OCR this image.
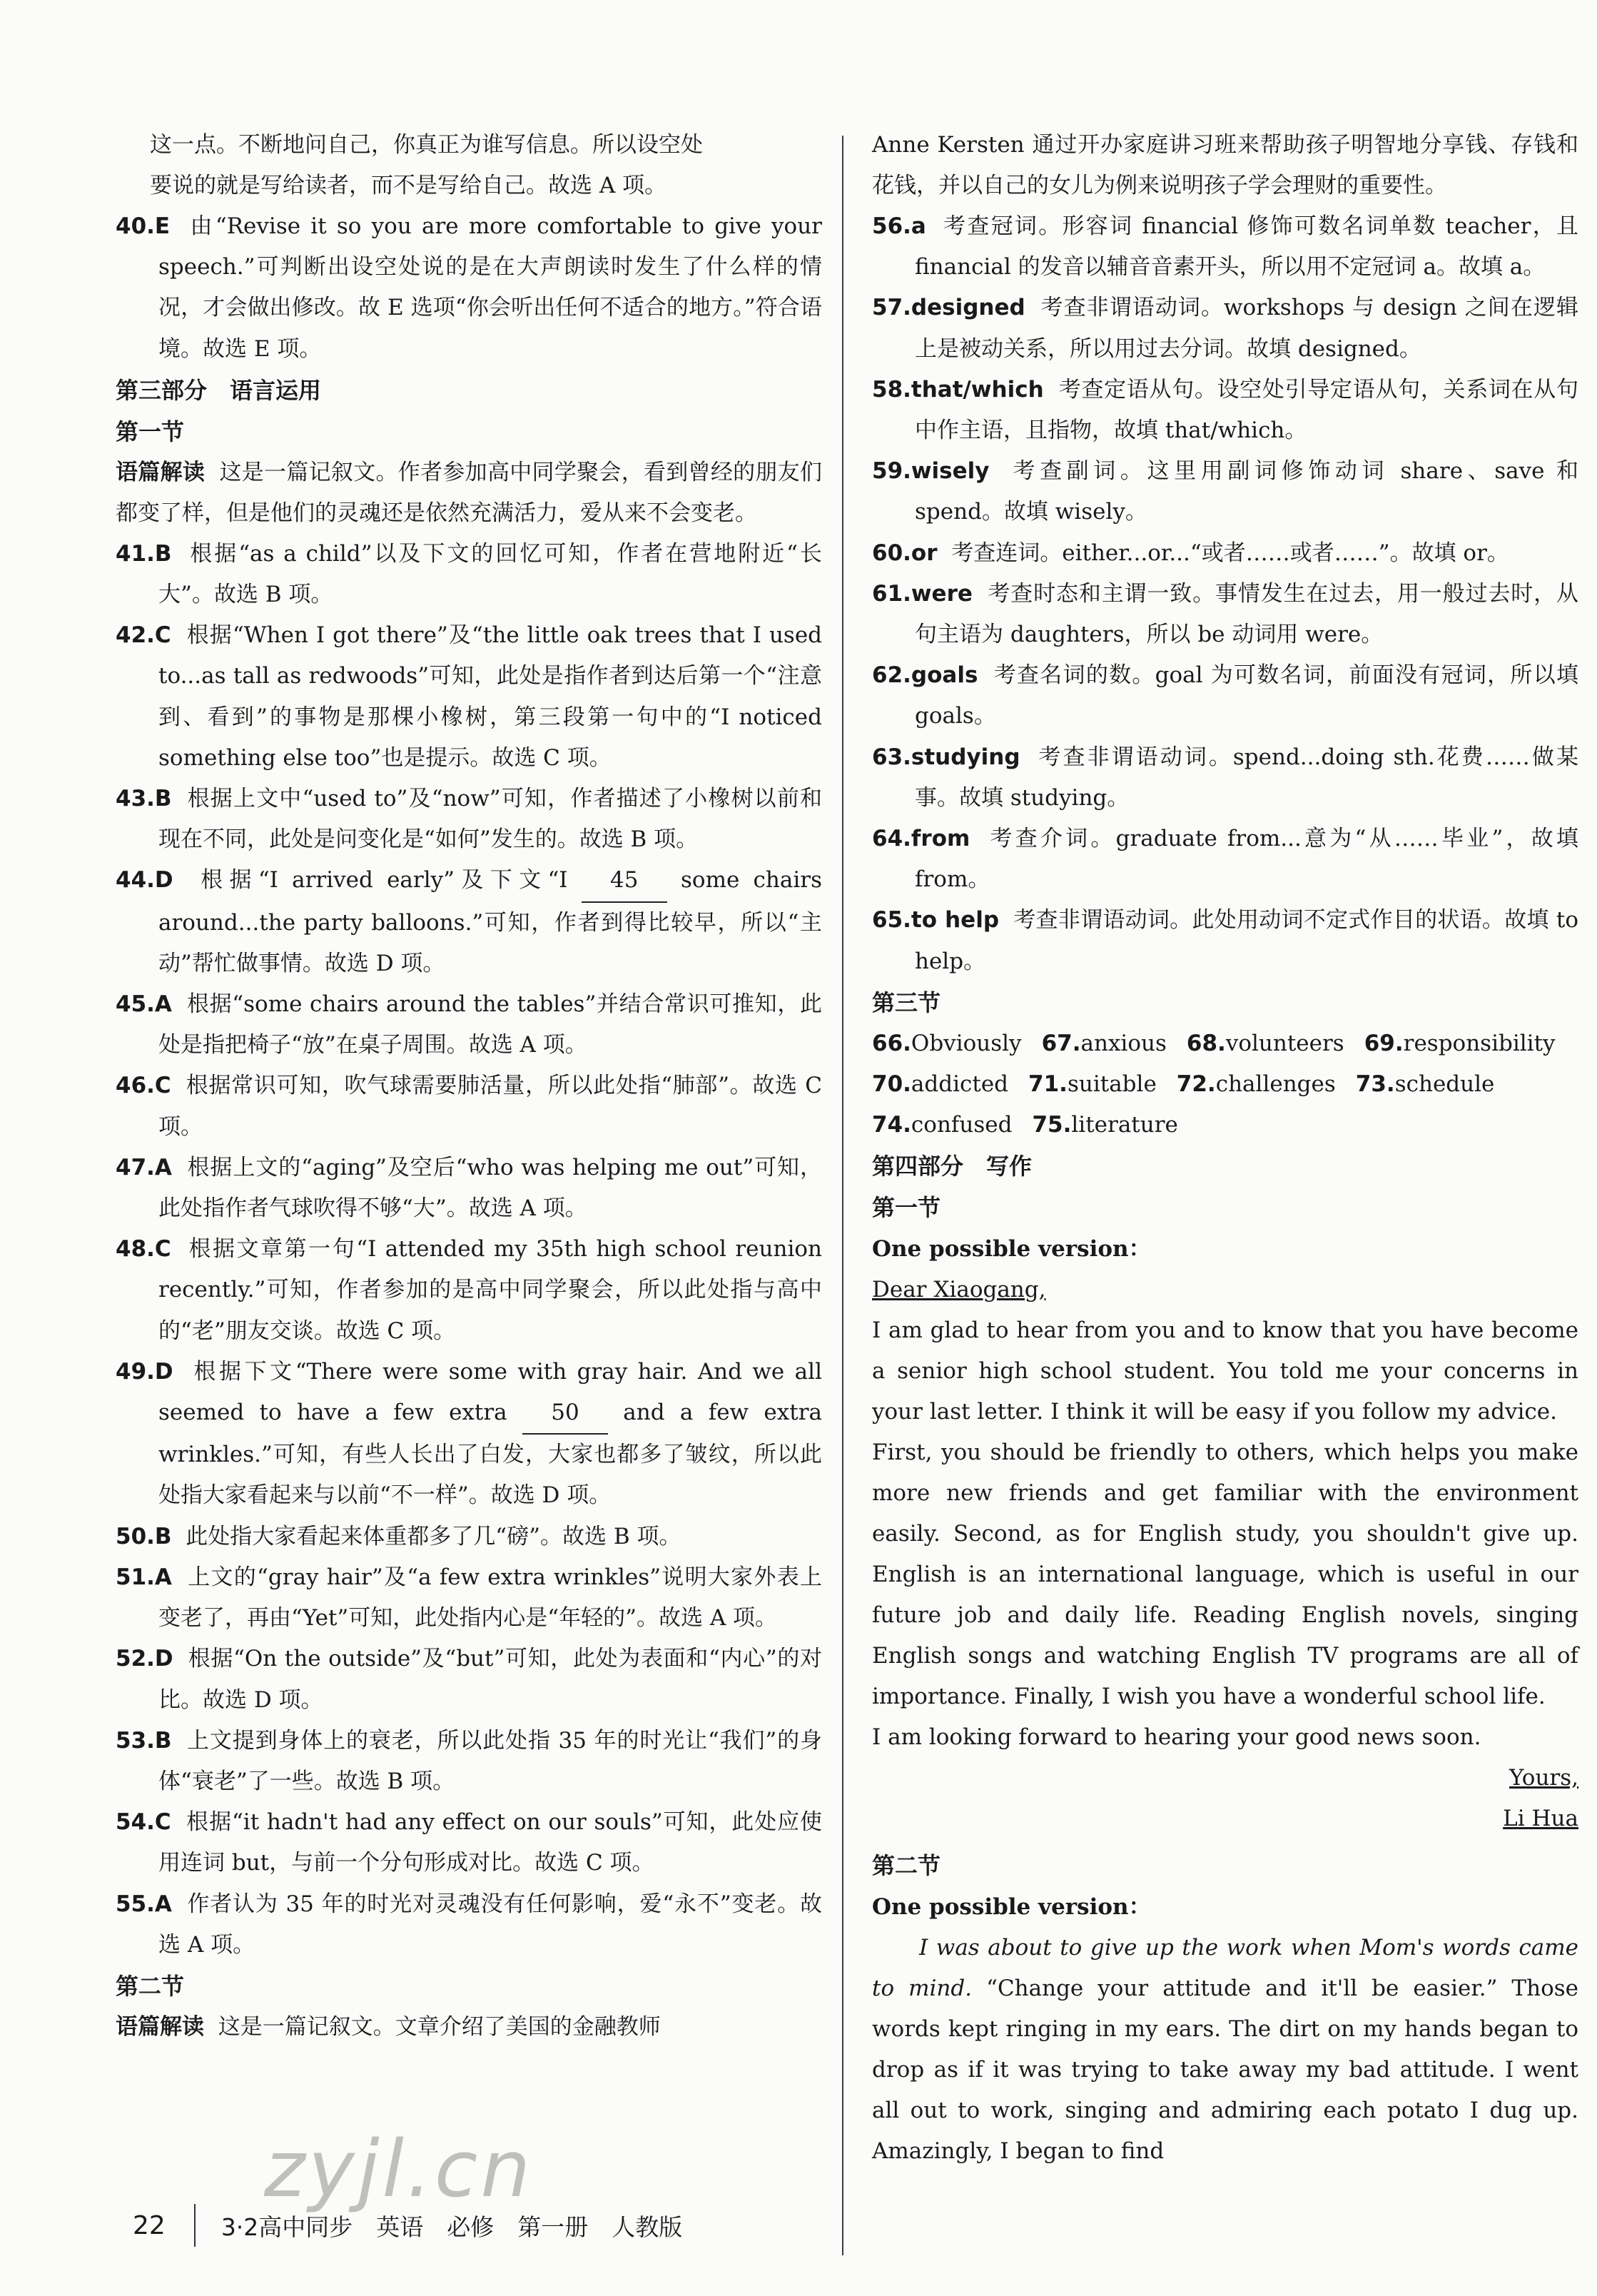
这一点。不断地问自己，你真正为谁写信息。所以设空处

要说的就是写给读者，而不是写给自己。故选 A 项。

40.E 由“Revise it so you are more comfortable to give your speech.”可判断出设空处说的是在大声朗读时发生了什么样的情况，才会做出修改。故 E 选项“你会听出任何不适合的地方。”符合语境。故选 E 项。

第三部分　语言运用

第一节

语篇解读 这是一篇记叙文。作者参加高中同学聚会，看到曾经的朋友们都变了样，但是他们的灵魂还是依然充满活力，爱从来不会变老。

41.B 根据“as a child”以及下文的回忆可知，作者在营地附近“长大”。故选 B 项。

42.C 根据“When I got there”及“the little oak trees that I used to...as tall as redwoods”可知，此处是指作者到达后第一个“注意到、看到”的事物是那棵小橡树，第三段第一句中的“I noticed something else too”也是提示。故选 C 项。

43.B 根据上文中“used to”及“now”可知，作者描述了小橡树以前和现在不同，此处是问变化是“如何”发生的。故选 B 项。

44.D 根据“I arrived early”及下文“I 45 some chairs around...the party balloons.”可知，作者到得比较早，所以“主动”帮忙做事情。故选 D 项。

45.A 根据“some chairs around the tables”并结合常识可推知，此处是指把椅子“放”在桌子周围。故选 A 项。

46.C 根据常识可知，吹气球需要肺活量，所以此处指“肺部”。故选 C 项。

47.A 根据上文的“aging”及空后“who was helping me out”可知，此处指作者气球吹得不够“大”。故选 A 项。

48.C 根据文章第一句“I attended my 35th high school reunion recently.”可知，作者参加的是高中同学聚会，所以此处指与高中的“老”朋友交谈。故选 C 项。

49.D 根据下文“There were some with gray hair. And we all seemed to have a few extra 50 and a few extra wrinkles.”可知，有些人长出了白发，大家也都多了皱纹，所以此处指大家看起来与以前“不一样”。故选 D 项。

50.B 此处指大家看起来体重都多了几“磅”。故选 B 项。

51.A 上文的“gray hair”及“a few extra wrinkles”说明大家外表上变老了，再由“Yet”可知，此处指内心是“年轻的”。故选 A 项。

52.D 根据“On the outside”及“but”可知，此处为表面和“内心”的对比。故选 D 项。

53.B 上文提到身体上的衰老，所以此处指 35 年的时光让“我们”的身体“衰老”了一些。故选 B 项。

54.C 根据“it hadn't had any effect on our souls”可知，此处应使用连词 but，与前一个分句形成对比。故选 C 项。

55.A 作者认为 35 年的时光对灵魂没有任何影响，爱“永不”变老。故选 A 项。

第二节

语篇解读 这是一篇记叙文。文章介绍了美国的金融教师

Anne Kersten 通过开办家庭讲习班来帮助孩子明智地分享钱、存钱和花钱，并以自己的女儿为例来说明孩子学会理财的重要性。

56.a 考查冠词。形容词 financial 修饰可数名词单数 teacher，且 financial 的发音以辅音音素开头，所以用不定冠词 a。故填 a。

57.designed 考查非谓语动词。workshops 与 design 之间在逻辑上是被动关系，所以用过去分词。故填 designed。

58.that/which 考查定语从句。设空处引导定语从句，关系词在从句中作主语，且指物，故填 that/which。

59.wisely 考查副词。这里用副词修饰动词 share、save 和 spend。故填 wisely。

60.or 考查连词。either...or...“或者……或者……”。故填 or。

61.were 考查时态和主谓一致。事情发生在过去，用一般过去时，从句主语为 daughters，所以 be 动词用 were。

62.goals 考查名词的数。goal 为可数名词，前面没有冠词，所以填 goals。

63.studying 考查非谓语动词。spend...doing sth.花费……做某事。故填 studying。

64.from 考查介词。graduate from...意为“从……毕业”，故填 from。

65.to help 考查非谓语动词。此处用动词不定式作目的状语。故填 to help。

第三节

66.Obviously 67.anxious 68.volunteers 69.responsibility
70.addicted 71.suitable 72.challenges 73.schedule
74.confused 75.literature

第四部分　写作

第一节

One possible version：

Dear Xiaogang,

I am glad to hear from you and to know that you have become a senior high school student. You told me your concerns in your last letter. I think it will be easy if you follow my advice.

First, you should be friendly to others, which helps you make more new friends and get familiar with the environment easily. Second, as for English study, you shouldn't give up. English is an international language, which is useful in our future job and daily life. Reading English novels, singing English songs and watching English TV programs are all of importance. Finally, I wish you have a wonderful school life.

I am looking forward to hearing your good news soon.

Yours,

Li Hua

第二节

One possible version：

I was about to give up the work when Mom's words came to mind. “Change your attitude and it'll be easier.” Those words kept ringing in my ears. The dirt on my hands began to drop as if it was trying to take away my bad attitude. I went all out to work, singing and admiring each potato I dug up. Amazingly, I began to find

zyjl.cn
22 3·2高中同步　英语　必修　第一册　人教版
